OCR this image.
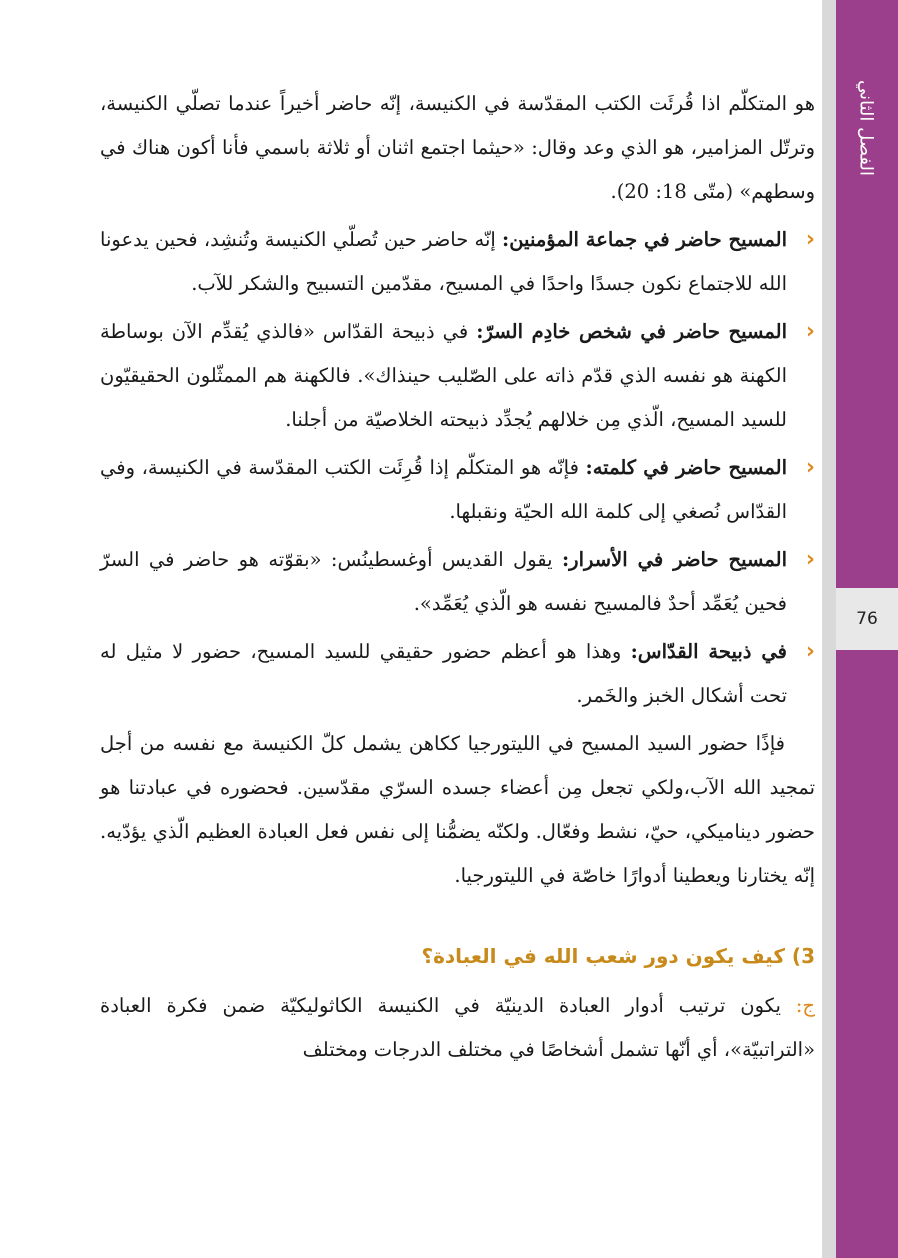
الفصل الثاني
76

هو المتكلّم اذا قُرئَت الكتب المقدّسة في الكنيسة، إنّه حاضر أخيراً عندما تصلّي الكنيسة، وترتّل المزامير، هو الذي وعد وقال: «حيثما اجتمع اثنان أو ثلاثة باسمي فأنا أكون هناك في وسطهم» (متّى 18: 20).

‹
المسيح حاضر في جماعة المؤمنين: إنّه حاضر حين تُصلّي الكنيسة وتُنشِد، فحين يدعونا الله للاجتماع نكون جسدًا واحدًا في المسيح، مقدّمين التسبيح والشكر للآب.
‹
المسيح حاضر في شخص خادِم السرّ: في ذبيحة القدّاس «فالذي يُقدِّم الآن بوساطة الكهنة هو نفسه الذي قدّم ذاته على الصّليب حينذاك». فالكهنة هم الممثّلون الحقيقيّون للسيد المسيح، الّذي مِن خلالهم يُجدِّد ذبيحته الخلاصيّة من أجلنا.
‹
المسيح حاضر في كلمته: فإنّه هو المتكلّم إذا قُرِئَت الكتب المقدّسة في الكنيسة، وفي القدّاس نُصغي إلى كلمة الله الحيّة ونقبلها.
‹
المسيح حاضر في الأسرار: يقول القديس أوغسطينُس: «بقوّته هو حاضر في السرّ فحين يُعَمِّد أحدٌ فالمسيح نفسه هو الّذي يُعَمِّد».
‹
في ذبيحة القدّاس: وهذا هو أعظم حضور حقيقي للسيد المسيح، حضور لا مثيل له تحت أشكال الخبز والخَمر.

فإذًا حضور السيد المسيح في الليتورجيا ككاهن يشمل كلّ الكنيسة مع نفسه من أجل تمجيد الله الآب،ولكي تجعل مِن أعضاء جسده السرّي مقدّسين. فحضوره في عبادتنا هو حضور ديناميكي، حيّ، نشط وفعّال. ولكنّه يضمُّنا إلى نفس فعل العبادة العظيم الّذي يؤدّيه. إنّه يختارنا ويعطينا أدوارًا خاصّة في الليتورجيا.

3) كيف يكون دور شعب الله في العبادة؟

ج: يكون ترتيب أدوار العبادة الدينيّة في الكنيسة الكاثوليكيّة ضمن فكرة العبادة «التراتبيّة»، أي أنّها تشمل أشخاصًا في مختلف الدرجات ومختلف
